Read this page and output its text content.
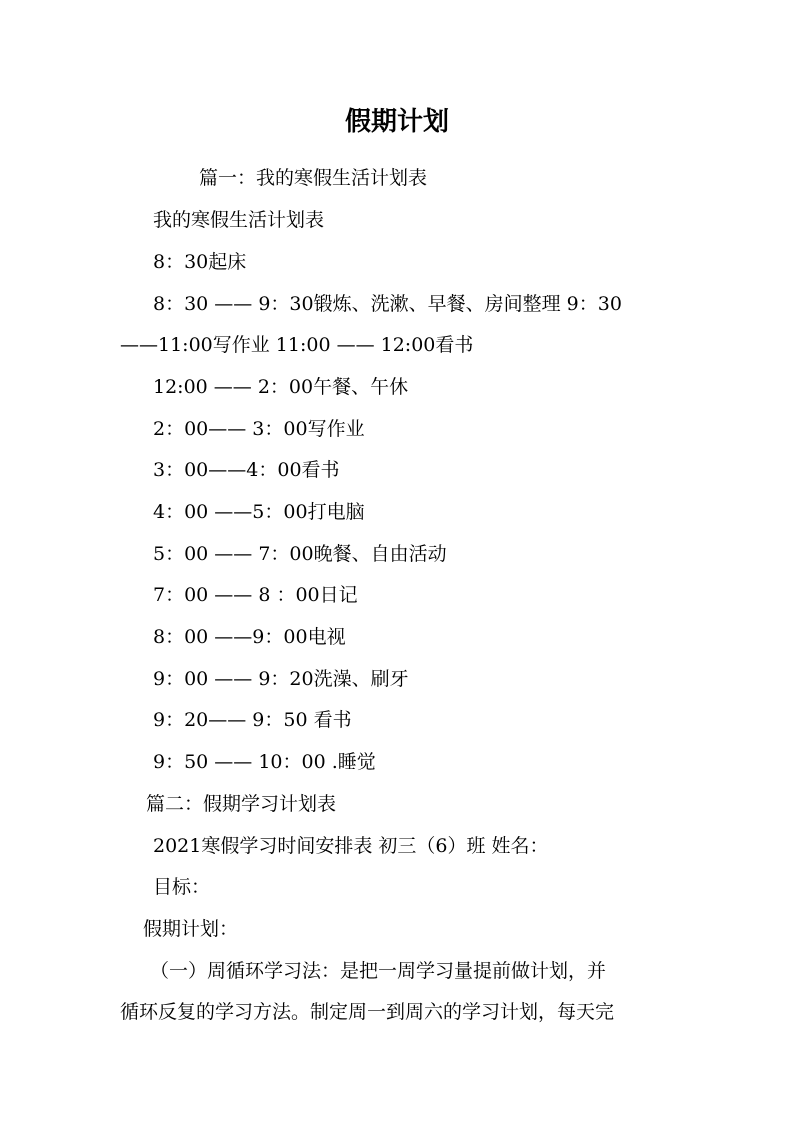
假期计划

篇一：我的寒假生活计划表

我的寒假生活计划表

8：30起床

8：30 —— 9：30锻炼、洗漱、早餐、房间整理 9：30

——11:00写作业 11:00 —— 12:00看书

12:00 —— 2：00午餐、午休

2：00—— 3：00写作业

3：00——4：00看书

4：00 ——5：00打电脑

5：00 —— 7：00晚餐、自由活动

7：00 —— 8 ：00日记

8：00 ——9：00电视

9：00 —— 9：20洗澡、刷牙

9：20—— 9：50 看书

9：50 —— 10：00 .睡觉

篇二：假期学习计划表

2021寒假学习时间安排表 初三（6）班 姓名：

目标：

假期计划：

（一）周循环学习法：是把一周学习量提前做计划，并

循环反复的学习方法。制定周一到周六的学习计划，每天完
